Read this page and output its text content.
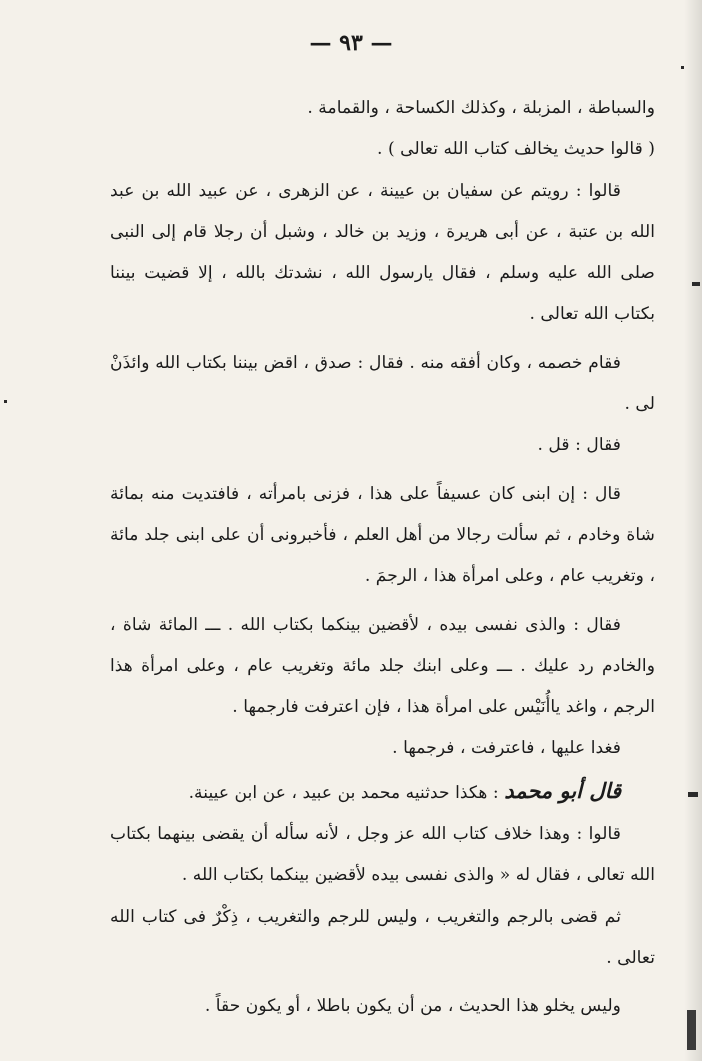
— ٩٣ —

والسباطة ، المزبلة ، وكذلك الكساحة ، والقمامة .

( قالوا حديث يخالف كتاب الله تعالى ) .

قالوا : رويتم عن سفيان بن عيينة ، عن الزهرى ، عن عبيد الله بن عبد الله بن عتبة ، عن أبى هريرة ، وزيد بن خالد ، وشبل أن رجلا قام إلى النبى صلى الله عليه وسلم ، فقال يارسول الله ، نشدتك بالله ، إلا قضيت بيننا بكتاب الله تعالى .

فقام خصمه ، وكان أفقه منه . فقال : صدق ، اقض بيننا بكتاب الله وائذَنْ لى .

فقال : قل .

قال : إن ابنى كان عسيفاً على هذا ، فزنى بامرأته ، فافتديت منه بمائة شاة وخادم ، ثم سألت رجالا من أهل العلم ، فأخبرونى أن على ابنى جلد مائة ، وتغريب عام ، وعلى امرأة هذا ، الرجمَ .

فقال : والذى نفسى بيده ، لأقضين بينكما بكتاب الله . ـــ المائة شاة ، والخادم رد عليك . ـــ وعلى ابنك جلد مائة وتغريب عام ، وعلى امرأة هذا الرجم ، واغد ياأُنَيْس على امرأة هذا ، فإن اعترفت فارجمها .

فغدا عليها ، فاعترفت ، فرجمها .

قال أبو محمد : هكذا حدثنيه محمد بن عبيد ، عن ابن عيينة.

قالوا : وهذا خلاف كتاب الله عز وجل ، لأنه سأله أن يقضى بينهما بكتاب الله تعالى ، فقال له « والذى نفسى بيده لأقضين بينكما بكتاب الله .

ثم قضى بالرجم والتغريب ، وليس للرجم والتغريب ، ذِكْرٌ فى كتاب الله تعالى .

وليس يخلو هذا الحديث ، من أن يكون باطلا ، أو يكون حقاً .
